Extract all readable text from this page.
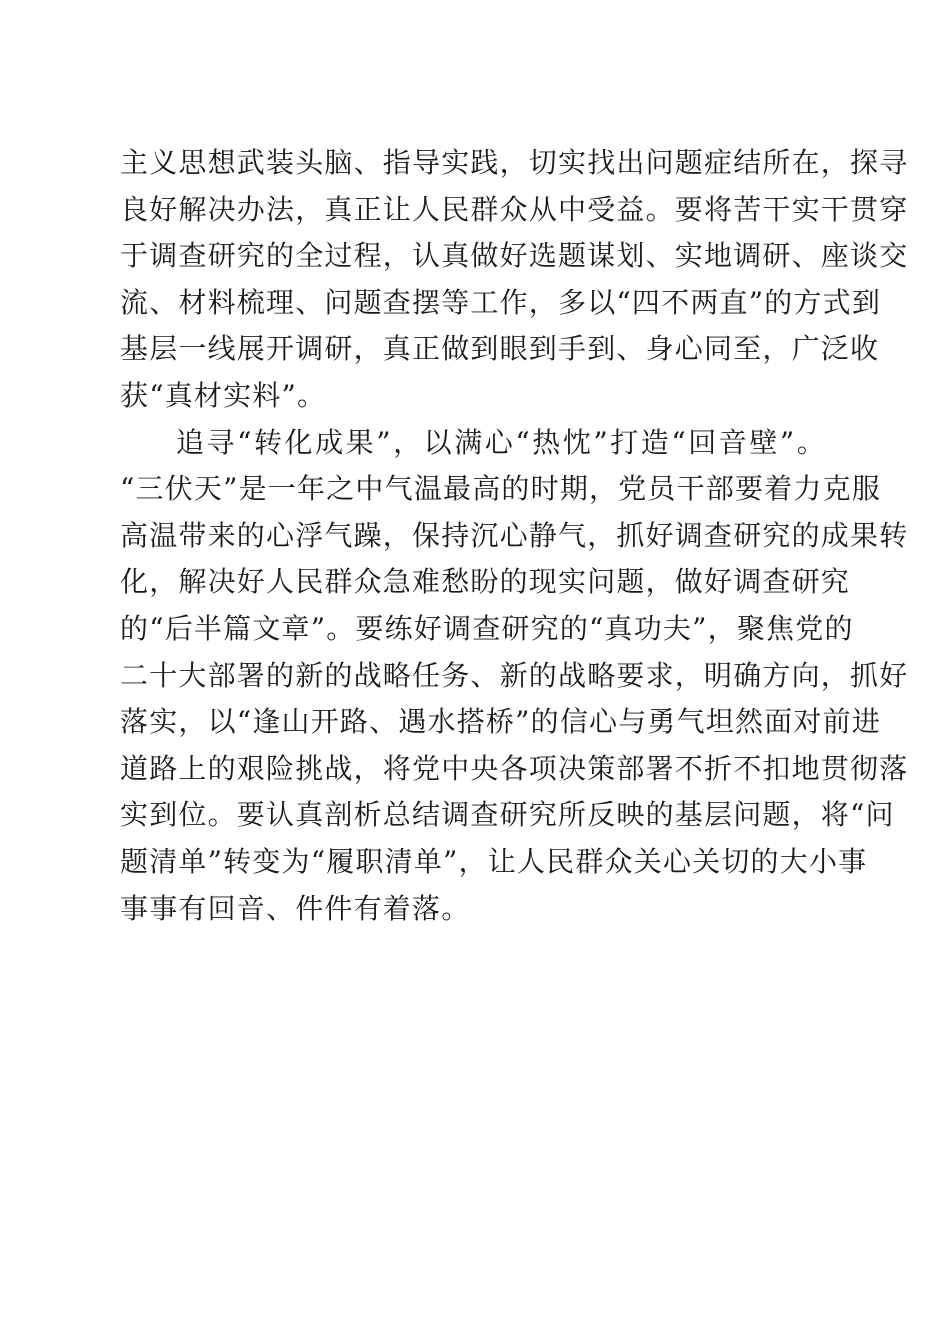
主义思想武装头脑、指导实践，切实找出问题症结所在，探寻
良好解决办法，真正让人民群众从中受益。要将苦干实干贯穿
于调查研究的全过程，认真做好选题谋划、实地调研、座谈交
流、材料梳理、问题查摆等工作，多以“四不两直”的方式到
基层一线展开调研，真正做到眼到手到、身心同至，广泛收
获“真材实料”。
追寻“转化成果”，以满心“热忱”打造“回音壁”。
“三伏天”是一年之中气温最高的时期，党员干部要着力克服
高温带来的心浮气躁，保持沉心静气，抓好调查研究的成果转
化，解决好人民群众急难愁盼的现实问题，做好调查研究
的“后半篇文章”。要练好调查研究的“真功夫”，聚焦党的
二十大部署的新的战略任务、新的战略要求，明确方向，抓好
落实，以“逢山开路、遇水搭桥”的信心与勇气坦然面对前进
道路上的艰险挑战，将党中央各项决策部署不折不扣地贯彻落
实到位。要认真剖析总结调查研究所反映的基层问题，将“问
题清单”转变为“履职清单”，让人民群众关心关切的大小事
事事有回音、件件有着落。
